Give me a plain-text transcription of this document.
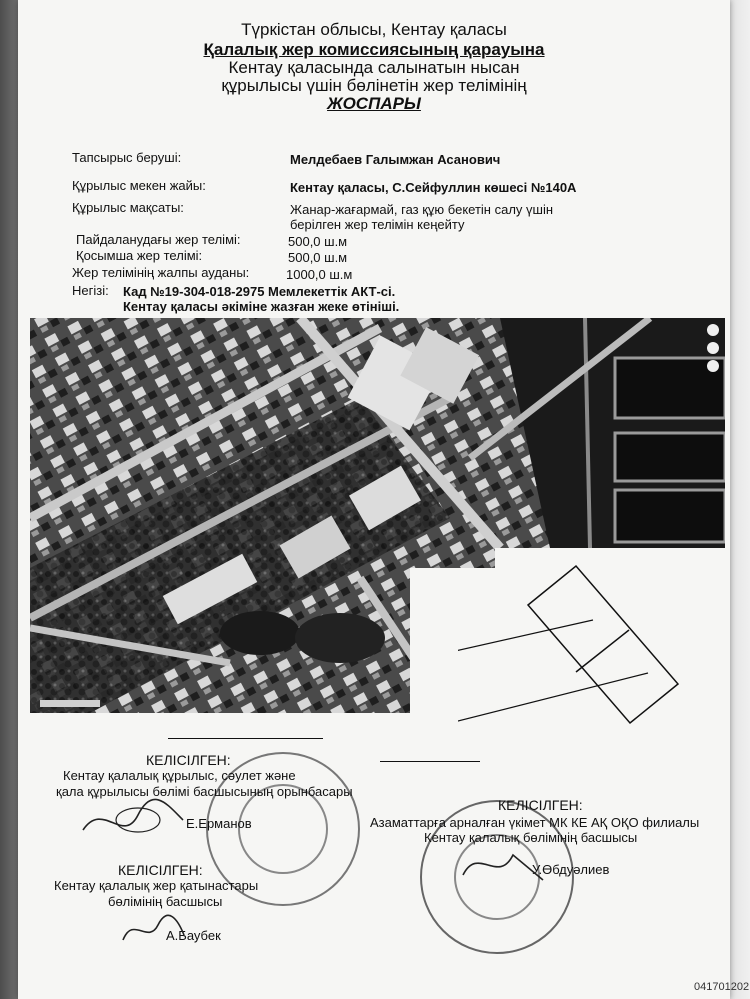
Түркістан облысы, Кентау қаласы
Қалалық жер комиссиясының қарауына
Кентау қаласында салынатын нысан
құрылысы үшін бөлінетін жер телімінің
ЖОСПАРЫ
Тапсырыс беруші:	Мелдебаев Галымжан Асанович
Құрылыс мекен жайы:	Кентау қаласы, С.Сейфуллин көшесі №140А
Құрылыс мақсаты:	Жанар-жағармай, газ құю бекетін салу үшін
берілген жер телімін кеңейту
Пайдаланудағы жер телімі:	500,0 ш.м
Қосымша жер телімі:	500,0 ш.м
Жер телімінің жалпы ауданы:	1000,0 ш.м
Негізі: Кад №19-304-018-2975 Мемлекеттік АКТ-сі.
Кентау қаласы әкіміне жазған жеке өтініші.
КЕЛІСІЛГЕН:
Кентау қалалық құрылыс, сәулет және
қала құрылысы бөлімі басшысының орынбасары
Е.Ерманов
КЕЛІСІЛГЕН:
Азаматтарға арналған үкімет МК КЕ АҚ ОҚО филиалы
Кентау қалалық бөлімінің басшысы
У.Өбдуәлиев
КЕЛІСІЛГЕН:
Кентау қалалық жер қатынастары
бөлімінің басшысы
А.Баубек
041701202
